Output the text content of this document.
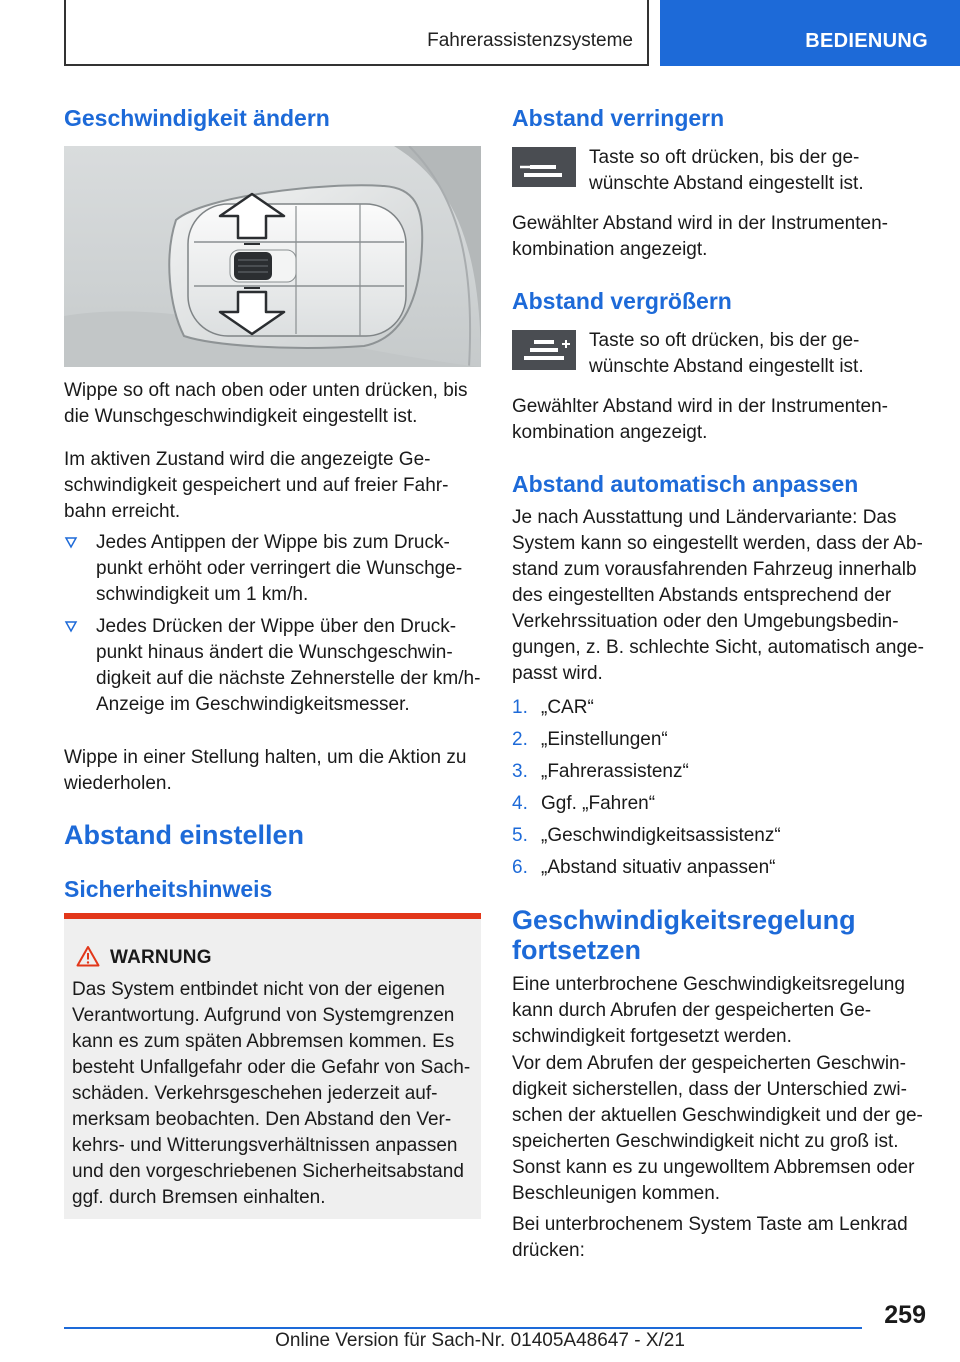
Fahrerassistenzsysteme	BEDIENUNG
Geschwindigkeit ändern
Wippe so oft nach oben oder unten drücken, bis die Wunschgeschwindigkeit eingestellt ist.
Im aktiven Zustand wird die angezeigte Geschwindigkeit gespeichert und auf freier Fahrbahn erreicht.
Jedes Antippen der Wippe bis zum Druckpunkt erhöht oder verringert die Wunschgeschwindigkeit um 1 km/h.
Jedes Drücken der Wippe über den Druckpunkt hinaus ändert die Wunschgeschwindigkeit auf die nächste Zehnerstelle der km/h-Anzeige im Geschwindigkeitsmesser.
Wippe in einer Stellung halten, um die Aktion zu wiederholen.
Abstand einstellen
Sicherheitshinweis
WARNUNG
Das System entbindet nicht von der eigenen Verantwortung. Aufgrund von Systemgrenzen kann es zum späten Abbremsen kommen. Es besteht Unfallgefahr oder die Gefahr von Sachschäden. Verkehrsgeschehen jederzeit aufmerksam beobachten. Den Abstand den Verkehrs- und Witterungsverhältnissen anpassen und den vorgeschriebenen Sicherheitsabstand ggf. durch Bremsen einhalten.
Abstand verringern
Taste so oft drücken, bis der gewünschte Abstand eingestellt ist.
Gewählter Abstand wird in der Instrumentenkombination angezeigt.
Abstand vergrößern
Taste so oft drücken, bis der gewünschte Abstand eingestellt ist.
Gewählter Abstand wird in der Instrumentenkombination angezeigt.
Abstand automatisch anpassen
Je nach Ausstattung und Ländervariante: Das System kann so eingestellt werden, dass der Abstand zum vorausfahrenden Fahrzeug innerhalb des eingestellten Abstands entsprechend der Verkehrssituation oder den Umgebungsbedingungen, z. B. schlechte Sicht, automatisch angepasst wird.
1. „CAR“
2. „Einstellungen“
3. „Fahrerassistenz“
4. Ggf. „Fahren“
5. „Geschwindigkeitsassistenz“
6. „Abstand situativ anpassen“
Geschwindigkeitsregelung fortsetzen
Eine unterbrochene Geschwindigkeitsregelung kann durch Abrufen der gespeicherten Geschwindigkeit fortgesetzt werden.
Vor dem Abrufen der gespeicherten Geschwindigkeit sicherstellen, dass der Unterschied zwischen der aktuellen Geschwindigkeit und der gespeicherten Geschwindigkeit nicht zu groß ist. Sonst kann es zu ungewolltem Abbremsen oder Beschleunigen kommen.
Bei unterbrochenem System Taste am Lenkrad drücken:
259
Online Version für Sach-Nr. 01405A48647 - X/21
